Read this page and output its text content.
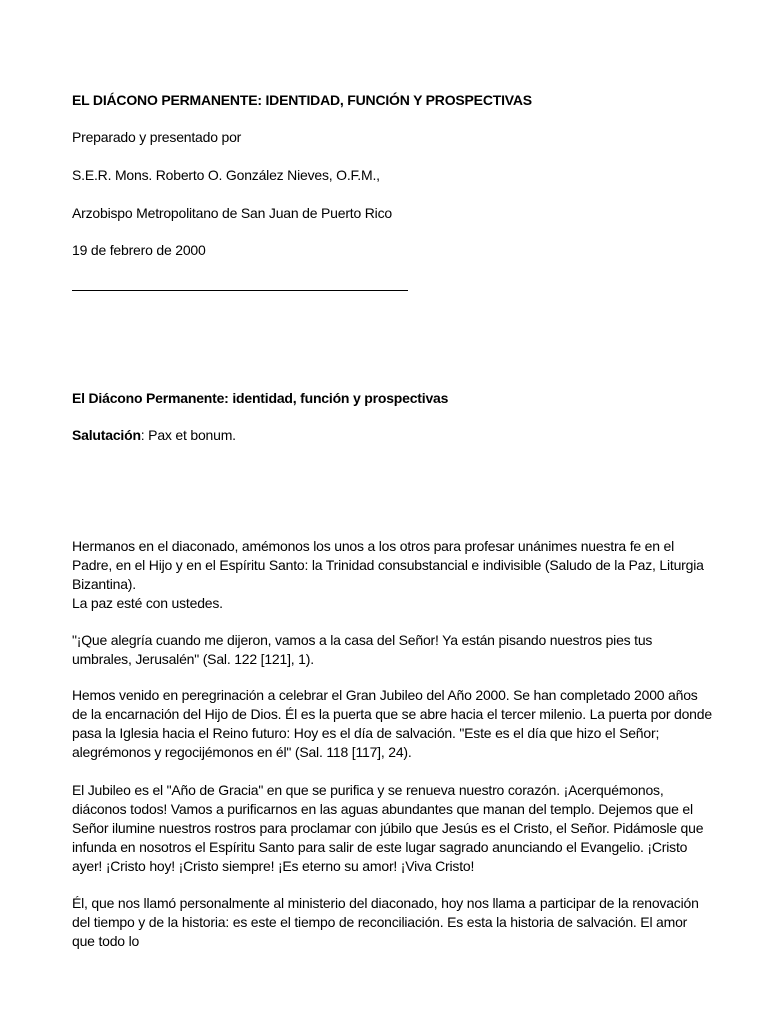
EL DIÁCONO PERMANENTE: IDENTIDAD, FUNCIÓN Y PROSPECTIVAS
Preparado y presentado por
S.E.R. Mons. Roberto O. González Nieves, O.F.M.,
Arzobispo Metropolitano de San Juan de Puerto Rico
19 de febrero de 2000
El Diácono Permanente: identidad, función y prospectivas
Salutación: Pax et bonum.
Hermanos en el diaconado, amémonos los unos a los otros para profesar unánimes nuestra fe en el Padre, en el Hijo y en el Espíritu Santo: la Trinidad consubstancial e indivisible (Saludo de la Paz, Liturgia Bizantina).
La paz esté con ustedes.
"¡Que alegría cuando me dijeron, vamos a la casa del Señor! Ya están pisando nuestros pies tus umbrales, Jerusalén" (Sal. 122 [121], 1).
Hemos venido en peregrinación a celebrar el Gran Jubileo del Año 2000. Se han completado 2000 años de la encarnación del Hijo de Dios. Él es la puerta que se abre hacia el tercer milenio. La puerta por donde pasa la Iglesia hacia el Reino futuro: Hoy es el día de salvación. "Este es el día que hizo el Señor; alegrémonos y regocijémonos en él" (Sal. 118 [117], 24).
El Jubileo es el "Año de Gracia" en que se purifica y se renueva nuestro corazón. ¡Acerquémonos, diáconos todos! Vamos a purificarnos en las aguas abundantes que manan del templo. Dejemos que el Señor ilumine nuestros rostros para proclamar con júbilo que Jesús es el Cristo, el Señor. Pidámosle que infunda en nosotros el Espíritu Santo para salir de este lugar sagrado anunciando el Evangelio. ¡Cristo ayer! ¡Cristo hoy! ¡Cristo siempre! ¡Es eterno su amor! ¡Viva Cristo!
Él, que nos llamó personalmente al ministerio del diaconado, hoy nos llama a participar de la renovación del tiempo y de la historia: es este el tiempo de reconciliación. Es esta la historia de salvación. El amor que todo lo
